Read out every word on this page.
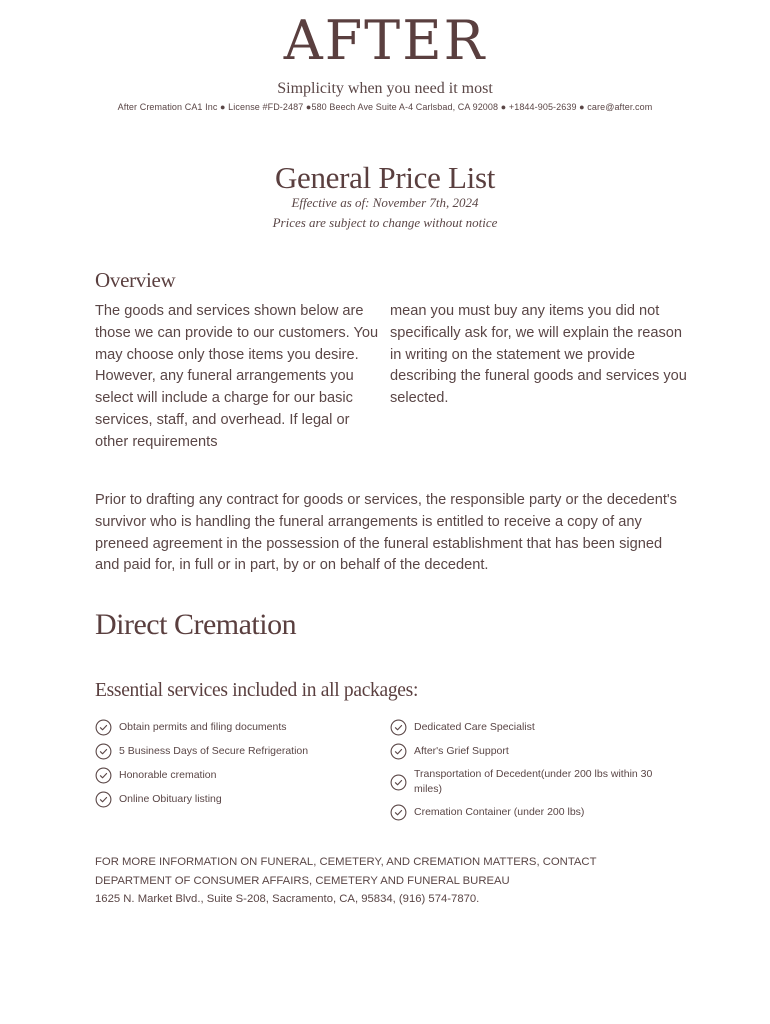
AFTER
Simplicity when you need it most
After Cremation CA1 Inc ● License #FD-2487 ●580 Beech Ave Suite A-4 Carlsbad, CA 92008 ● +1844-905-2639 ● care@after.com
General Price List
Effective as of: November 7th, 2024
Prices are subject to change without notice
Overview
The goods and services shown below are those we can provide to our customers. You may choose only those items you desire. However, any funeral arrangements you select will include a charge for our basic services, staff, and overhead. If legal or other requirements
mean you must buy any items you did not specifically ask for, we will explain the reason in writing on the statement we provide describing the funeral goods and services you selected.
Prior to drafting any contract for goods or services, the responsible party or the decedent's survivor who is handling the funeral arrangements is entitled to receive a copy of any preneed agreement in the possession of the funeral establishment that has been signed and paid for, in full or in part, by or on behalf of the decedent.
Direct Cremation
Essential services included in all packages:
Obtain permits and filing documents
5 Business Days of Secure Refrigeration
Honorable cremation
Online Obituary listing
Dedicated Care Specialist
After's Grief Support
Transportation of Decedent(under 200 lbs within 30 miles)
Cremation Container (under 200 lbs)
FOR MORE INFORMATION ON FUNERAL, CEMETERY, AND CREMATION MATTERS, CONTACT
DEPARTMENT OF CONSUMER AFFAIRS, CEMETERY AND FUNERAL BUREAU
1625 N. Market Blvd., Suite S-208, Sacramento, CA, 95834, (916) 574-7870.
